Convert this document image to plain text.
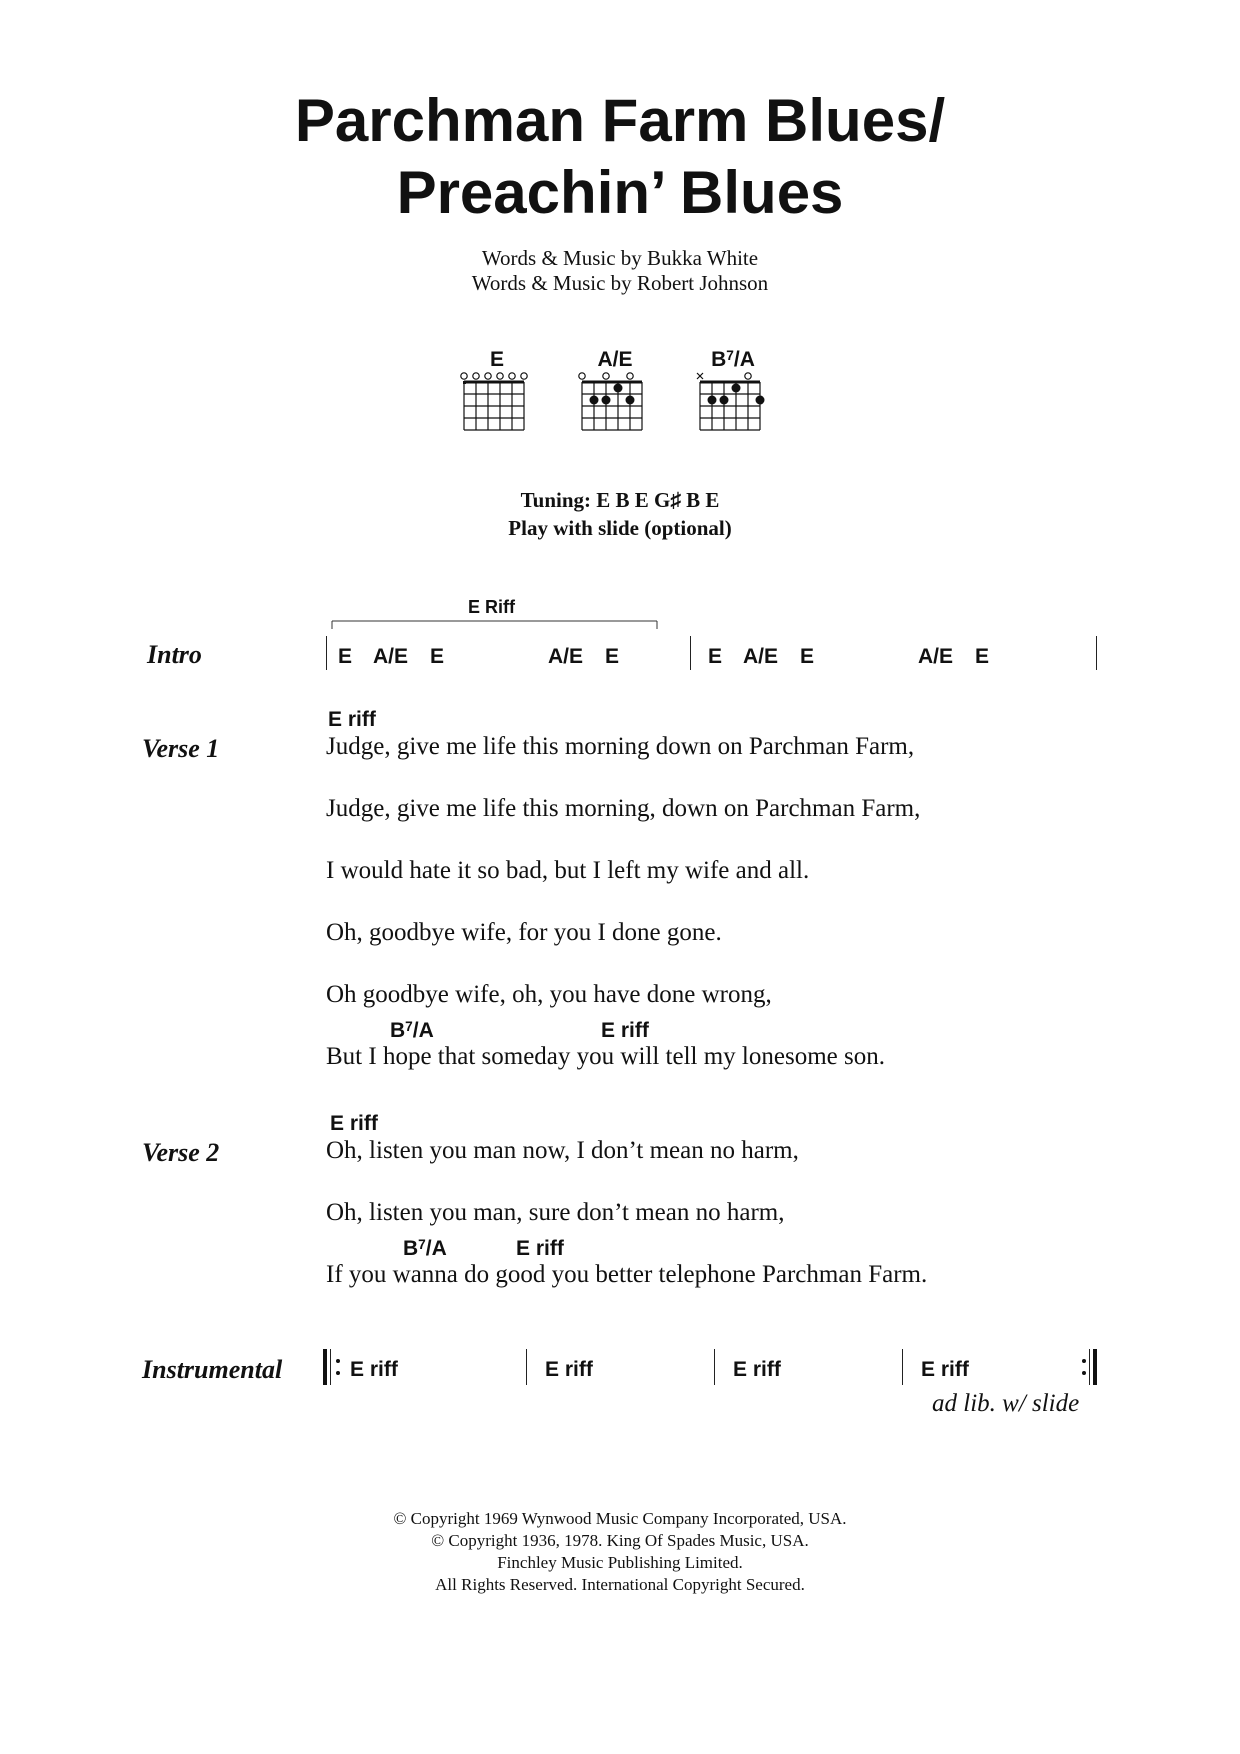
Parchman Farm Blues/
Preachin’ Blues
Words & Music by Bukka White
Words & Music by Robert Johnson
E	A/E	$B^7/A$
Tuning: E B E G♯ B E
Play with slide (optional)
E Riff
Intro	E A/E E	A/E E	E A/E E	A/E E
Verse 1
E riff
Judge, give me life this morning down on Parchman Farm,
Judge, give me life this morning, down on Parchman Farm,
I would hate it so bad, but I left my wife and all.
Oh, goodbye wife, for you I done gone.
Oh goodbye wife, oh, you have done wrong,
$B^7/A$	E riff
But I hope that someday you will tell my lonesome son.
Verse 2
E riff
Oh, listen you man now, I don’t mean no harm,
Oh, listen you man, sure don’t mean no harm,
$B^7/A$	E riff
If you wanna do good you better telephone Parchman Farm.
Instrumental	E riff	E riff	E riff	E riff
ad lib. w/ slide
© Copyright 1969 Wynwood Music Company Incorporated, USA.
© Copyright 1936, 1978. King Of Spades Music, USA.
Finchley Music Publishing Limited.
All Rights Reserved. International Copyright Secured.
